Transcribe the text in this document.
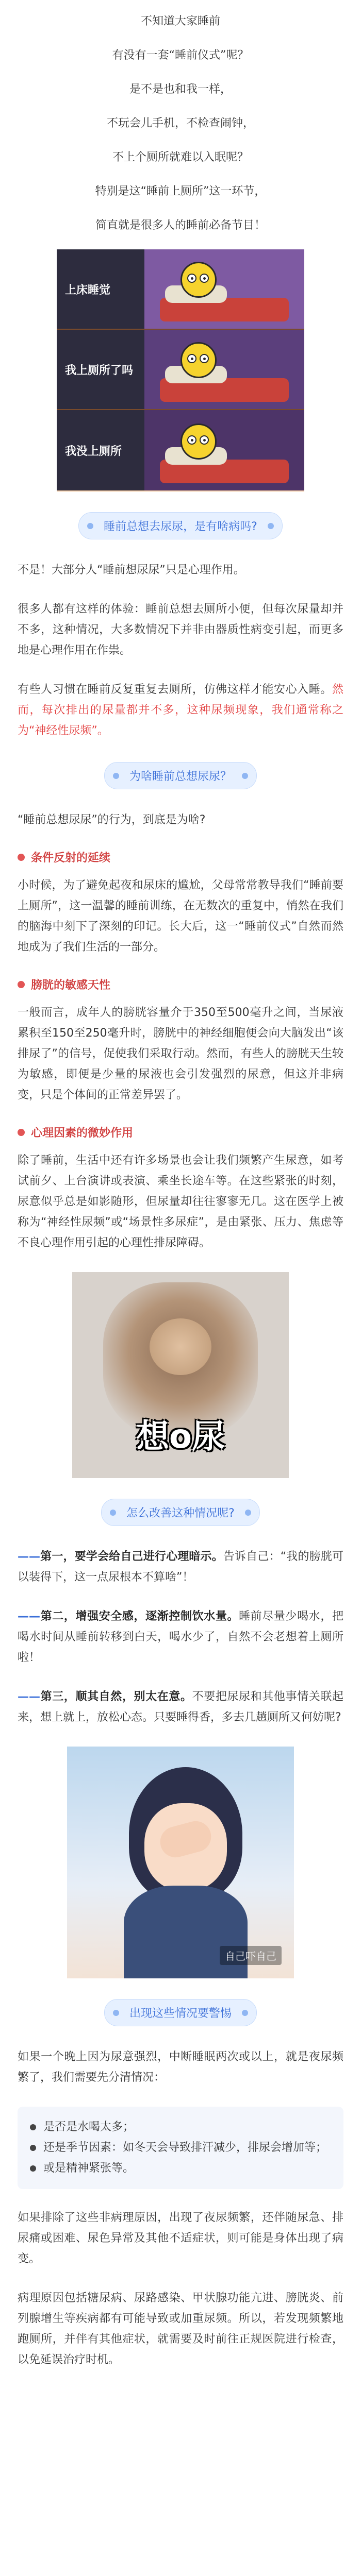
不知道大家睡前

有没有一套“睡前仪式”呢？

是不是也和我一样，

不玩会儿手机，不检查闹钟，

不上个厕所就难以入眠呢？

特别是这“睡前上厕所”这一环节，

简直就是很多人的睡前必备节目！

上床睡觉
我上厕所了吗
我没上厕所
睡前总想去尿尿，是有啥病吗?

不是！大部分人“睡前想尿尿”只是心理作用。

很多人都有这样的体验：睡前总想去厕所小便，但每次尿量却并不多，这种情况，大多数情况下并非由器质性病变引起，而更多地是心理作用在作祟。

有些人习惯在睡前反复重复去厕所，仿佛这样才能安心入睡。然而，每次排出的尿量都并不多，这种尿频现象，我们通常称之为“神经性尿频”。

为啥睡前总想尿尿？

“睡前总想尿尿”的行为，到底是为啥?

条件反射的延续

小时候，为了避免起夜和尿床的尴尬，父母常常教导我们“睡前要上厕所”，这一温馨的睡前训练，在无数次的重复中，悄然在我们的脑海中刻下了深刻的印记。长大后，这一“睡前仪式”自然而然地成为了我们生活的一部分。

膀胱的敏感天性

一般而言，成年人的膀胱容量介于350至500毫升之间，当尿液累积至150至250毫升时，膀胱中的神经细胞便会向大脑发出“该排尿了”的信号，促使我们采取行动。然而，有些人的膀胱天生较为敏感，即便是少量的尿液也会引发强烈的尿意，但这并非病变，只是个体间的正常差异罢了。

心理因素的微妙作用

除了睡前，生活中还有许多场景也会让我们频繁产生尿意，如考试前夕、上台演讲或表演、乘坐长途车等。在这些紧张的时刻，尿意似乎总是如影随形，但尿量却往往寥寥无几。这在医学上被称为“神经性尿频”或“场景性多尿症”，是由紧张、压力、焦虑等不良心理作用引起的心理性排尿障碍。

想o尿
怎么改善这种情况呢?

——第一，要学会给自己进行心理暗示。告诉自己：“我的膀胱可以装得下，这一点尿根本不算啥”！

——第二，增强安全感，逐渐控制饮水量。睡前尽量少喝水，把喝水时间从睡前转移到白天，喝水少了，自然不会老想着上厕所啦！

——第三，顺其自然，别太在意。不要把尿尿和其他事情关联起来，想上就上，放松心态。只要睡得香，多去几趟厕所又何妨呢?

自己吓自己
出现这些情况要警惕

如果一个晚上因为尿意强烈，中断睡眠两次或以上，就是夜尿频繁了，我们需要先分清情况：

是否是水喝太多；
还是季节因素：如冬天会导致排汗减少，排尿会增加等；
或是精神紧张等。

如果排除了这些非病理原因，出现了夜尿频繁，还伴随尿急、排尿痛或困难、尿色异常及其他不适症状，则可能是身体出现了病变。

病理原因包括糖尿病、尿路感染、甲状腺功能亢进、膀胱炎、前列腺增生等疾病都有可能导致或加重尿频。所以，若发现频繁地跑厕所，并伴有其他症状，就需要及时前往正规医院进行检查，以免延误治疗时机。
